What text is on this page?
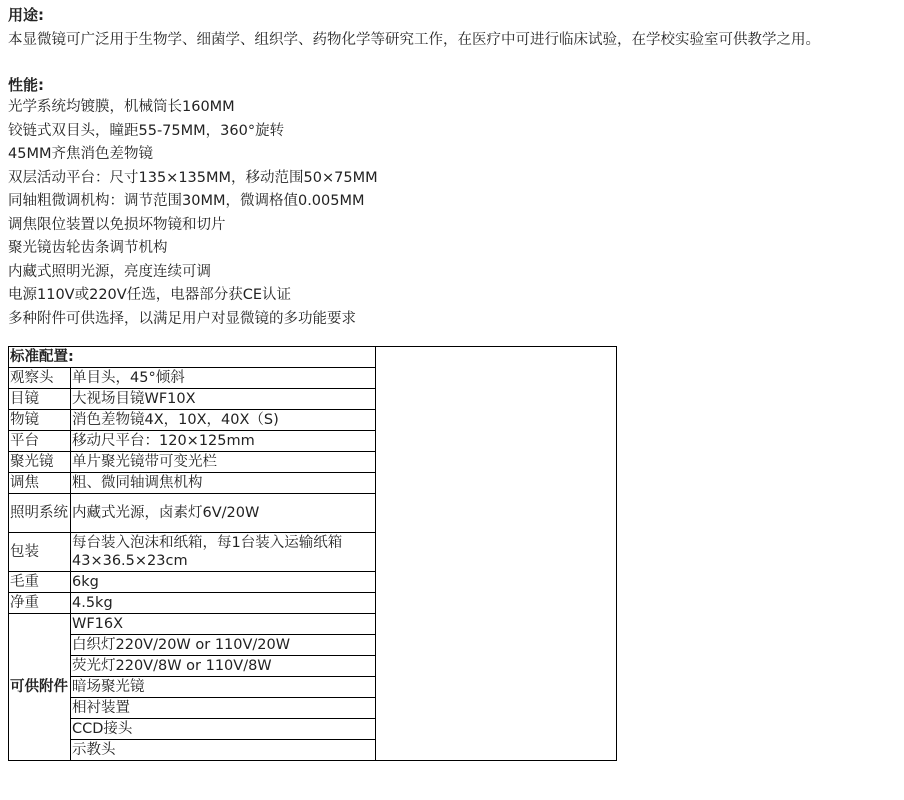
用途:
本显微镜可广泛用于生物学、细菌学、组织学、药物化学等研究工作，在医疗中可进行临床试验，在学校实验室可供教学之用。
性能:
光学系统均镀膜，机械筒长160MM
铰链式双目头，瞳距55-75MM，360°旋转
45MM齐焦消色差物镜
双层活动平台：尺寸135×135MM，移动范围50×75MM
同轴粗微调机构：调节范围30MM，微调格值0.005MM
调焦限位装置以免损坏物镜和切片
聚光镜齿轮齿条调节机构
内藏式照明光源，亮度连续可调
电源110V或220V任选，电器部分获CE认证
多种附件可供选择，以满足用户对显微镜的多功能要求
标准配置:		
观察头	单目头，45°倾斜	
目镜	大视场目镜WF10X	
物镜	消色差物镜4X，10X，40X（S)	
平台	移动尺平台：120×125mm	
聚光镜	单片聚光镜带可变光栏	
调焦	粗、微同轴调焦机构	
照明系统	内藏式光源，卤素灯6V/20W	
包装	每台装入泡沫和纸箱，每1台装入运输纸箱43×36.5×23cm	
毛重	6kg	
净重	4.5kg	
可供附件	WF16X	
	白织灯220V/20W or 110V/20W	
	荧光灯220V/8W or 110V/8W	
	暗场聚光镜	
	相衬装置	
	CCD接头	
	示教头	
